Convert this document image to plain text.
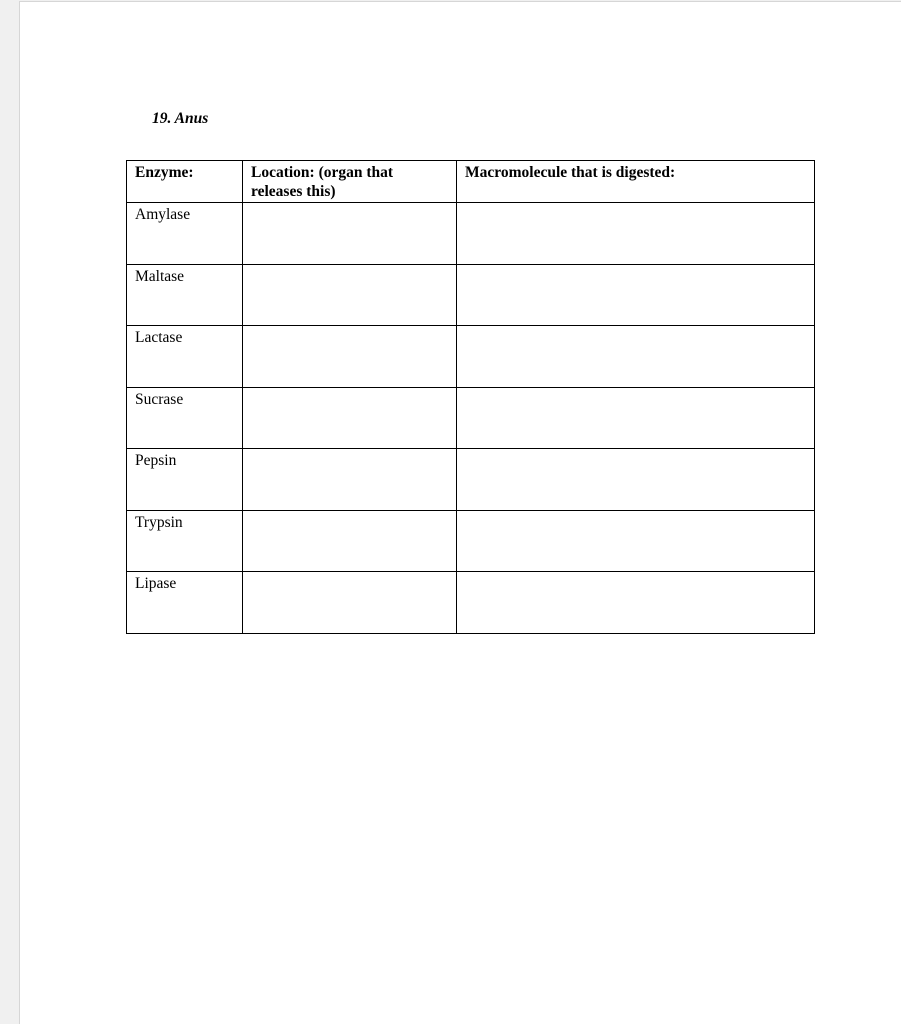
19. Anus
Enzyme:	Location: (organ that releases this)	Macromolecule that is digested:
Amylase		
Maltase		
Lactase		
Sucrase		
Pepsin		
Trypsin		
Lipase		
